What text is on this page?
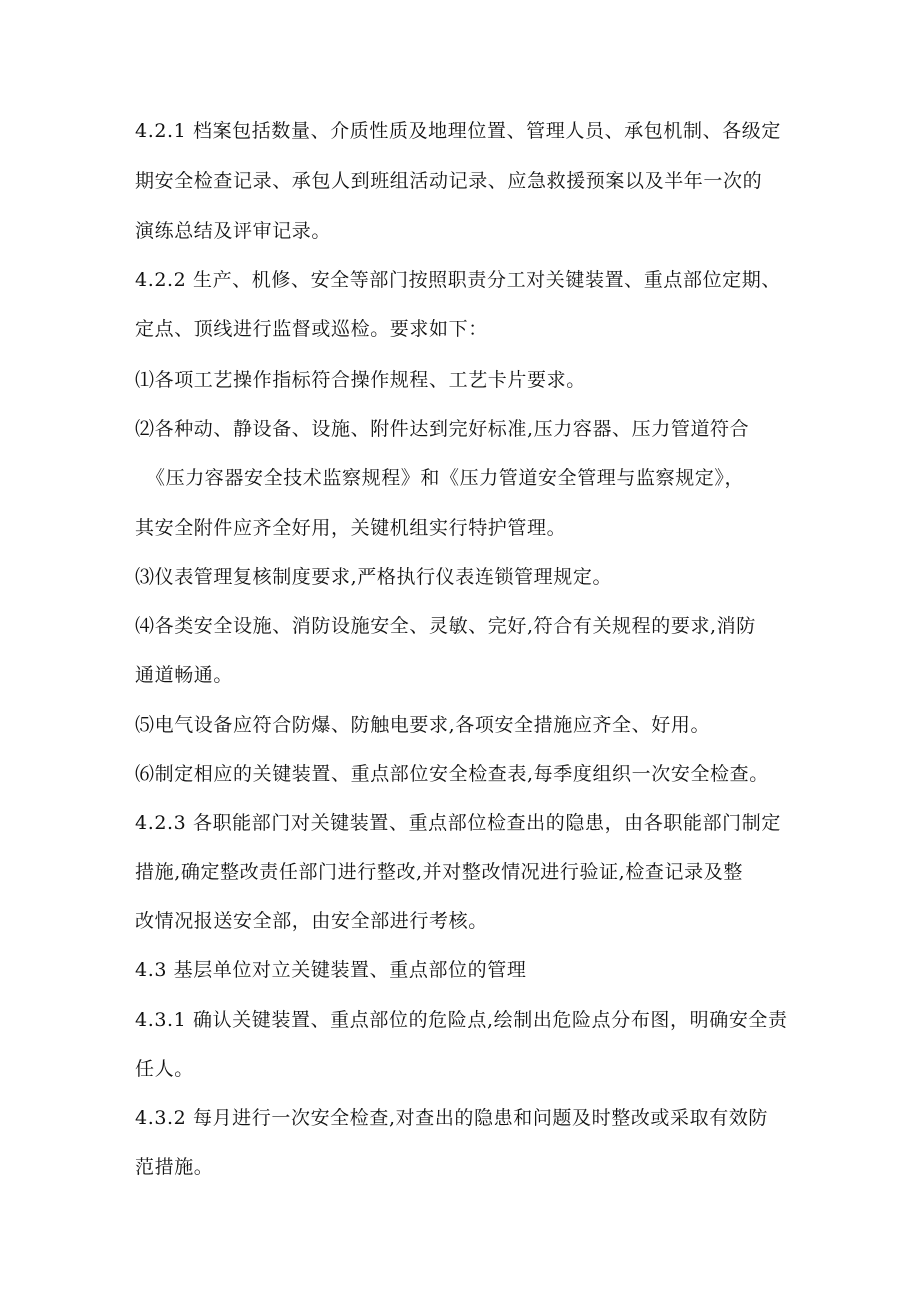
4.2.1 档案包括数量、介质性质及地理位置、管理人员、承包机制、各级定
期安全检查记录、承包人到班组活动记录、应急救援预案以及半年一次的
演练总结及评审记录。
4.2.2 生产、机修、安全等部门按照职责分工对关键装置、重点部位定期、
定点、顶线进行监督或巡检。要求如下：
⑴各项工艺操作指标符合操作规程、工艺卡片要求。
⑵各种动、静设备、设施、附件达到完好标准,压力容器、压力管道符合
《压力容器安全技术监察规程》和《压力管道安全管理与监察规定》，
其安全附件应齐全好用，关键机组实行特护管理。
⑶仪表管理复核制度要求,严格执行仪表连锁管理规定。
⑷各类安全设施、消防设施安全、灵敏、完好,符合有关规程的要求,消防
通道畅通。
⑸电气设备应符合防爆、防触电要求,各项安全措施应齐全、好用。
⑹制定相应的关键装置、重点部位安全检查表,每季度组织一次安全检查。
4.2.3 各职能部门对关键装置、重点部位检查出的隐患，由各职能部门制定
措施,确定整改责任部门进行整改,并对整改情况进行验证,检查记录及整
改情况报送安全部，由安全部进行考核。
4.3 基层单位对立关键装置、重点部位的管理
4.3.1 确认关键装置、重点部位的危险点,绘制出危险点分布图，明确安全责
任人。
4.3.2 每月进行一次安全检查,对查出的隐患和问题及时整改或采取有效防
范措施。
